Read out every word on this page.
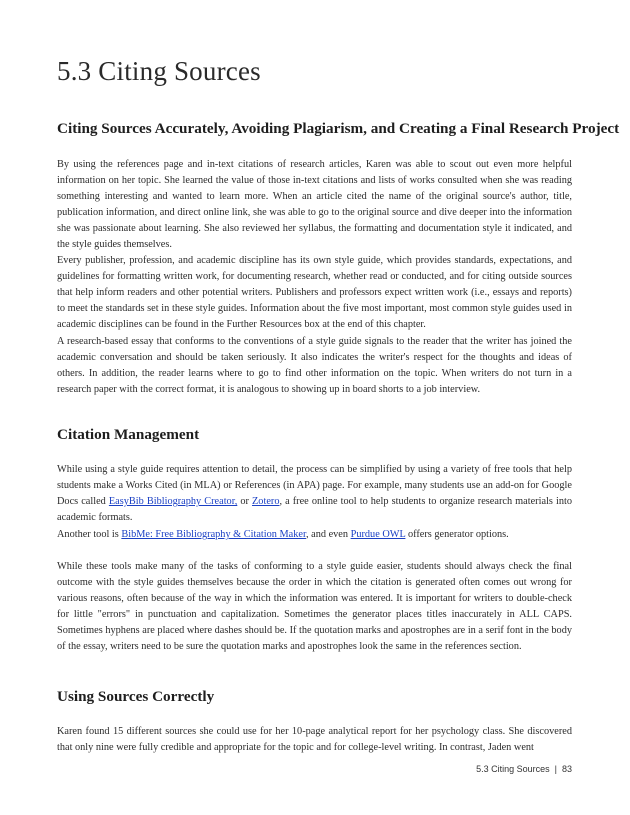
5.3 Citing Sources
Citing Sources Accurately, Avoiding Plagiarism, and Creating a Final Research Project

By using the references page and in-text citations of research articles, Karen was able to scout out even more helpful information on her topic. She learned the value of those in-text citations and lists of works consulted when she was reading something interesting and wanted to learn more. When an article cited the name of the original source's author, title, publication information, and direct online link, she was able to go to the original source and dive deeper into the information she was passionate about learning. She also reviewed her syllabus, the formatting and documentation style it indicated, and the style guides themselves.

Every publisher, profession, and academic discipline has its own style guide, which provides standards, expectations, and guidelines for formatting written work, for documenting research, whether read or conducted, and for citing outside sources that help inform readers and other potential writers. Publishers and professors expect written work (i.e., essays and reports) to meet the standards set in these style guides. Information about the five most important, most common style guides used in academic disciplines can be found in the Further Resources box at the end of this chapter.

A research-based essay that conforms to the conventions of a style guide signals to the reader that the writer has joined the academic conversation and should be taken seriously. It also indicates the writer's respect for the thoughts and ideas of others. In addition, the reader learns where to go to find other information on the topic. When writers do not turn in a research paper with the correct format, it is analogous to showing up in board shorts to a job interview.

Citation Management

While using a style guide requires attention to detail, the process can be simplified by using a variety of free tools that help students make a Works Cited (in MLA) or References (in APA) page. For example, many students use an add-on for Google Docs called EasyBib Bibliography Creator, or Zotero, a free online tool to help students to organize research materials into academic formats.

Another tool is BibMe: Free Bibliography & Citation Maker, and even Purdue OWL offers generator options.

While these tools make many of the tasks of conforming to a style guide easier, students should always check the final outcome with the style guides themselves because the order in which the citation is generated often comes out wrong for various reasons, often because of the way in which the information was entered. It is important for writers to double-check for little "errors" in punctuation and capitalization. Sometimes the generator places titles inaccurately in ALL CAPS. Sometimes hyphens are placed where dashes should be. If the quotation marks and apostrophes are in a serif font in the body of the essay, writers need to be sure the quotation marks and apostrophes look the same in the references section.

Using Sources Correctly

Karen found 15 different sources she could use for her 10-page analytical report for her psychology class. She discovered that only nine were fully credible and appropriate for the topic and for college-level writing. In contrast, Jaden went

5.3 Citing Sources | 83
